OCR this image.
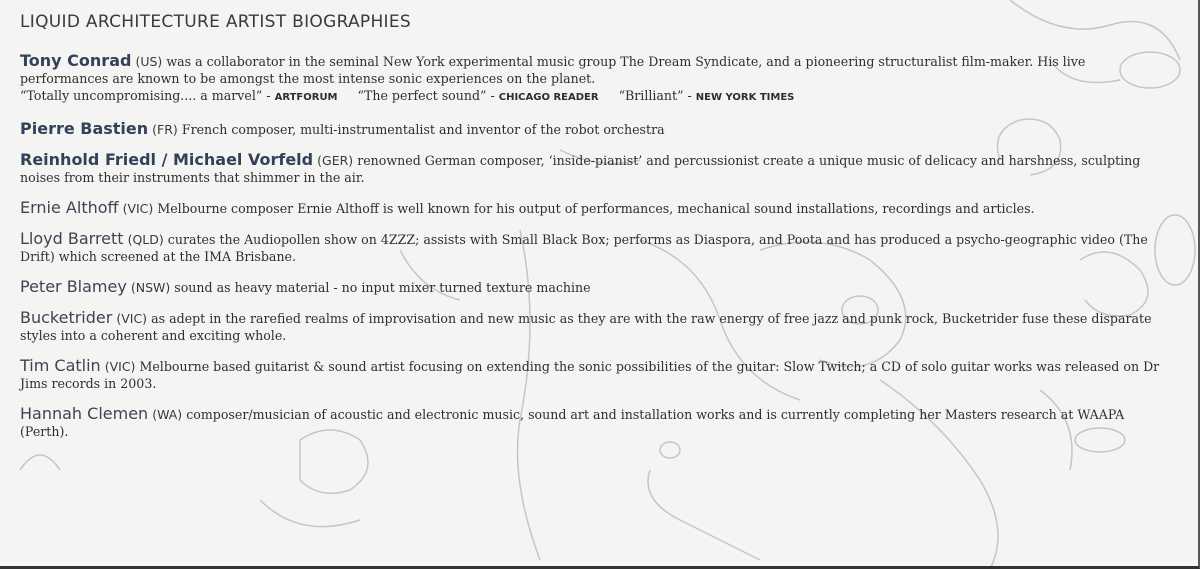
LIQUID ARCHITECTURE ARTIST BIOGRAPHIES

Tony Conrad (US) was a collaborator in the seminal New York experimental music group The Dream Syndicate, and a pioneering structuralist film-maker. His live performances are known to be amongst the most intense sonic experiences on the planet.
“Totally uncompromising.... a marvel” - ARTFORUM “The perfect sound” - CHICAGO READER “Brilliant” - NEW YORK TIMES

Pierre Bastien (FR) French composer, multi-instrumentalist and inventor of the robot orchestra

Reinhold Friedl / Michael Vorfeld (GER) renowned German composer, ‘inside-pianist’ and percussionist create a unique music of delicacy and harshness, sculpting noises from their instruments that shimmer in the air.

Ernie Althoff (VIC) Melbourne composer Ernie Althoff is well known for his output of performances, mechanical sound installations, recordings and articles.

Lloyd Barrett (QLD) curates the Audiopollen show on 4ZZZ; assists with Small Black Box; performs as Diaspora, and Poota and has produced a psycho-geographic video (The Drift) which screened at the IMA Brisbane.

Peter Blamey (NSW) sound as heavy material - no input mixer turned texture machine

Bucketrider (VIC) as adept in the rarefied realms of improvisation and new music as they are with the raw energy of free jazz and punk rock, Bucketrider fuse these disparate styles into a coherent and exciting whole.

Tim Catlin (VIC) Melbourne based guitarist & sound artist focusing on extending the sonic possibilities of the guitar: Slow Twitch; a CD of solo guitar works was released on Dr Jims records in 2003.

Hannah Clemen (WA) composer/musician of acoustic and electronic music, sound art and installation works and is currently completing her Masters research at WAAPA (Perth).
